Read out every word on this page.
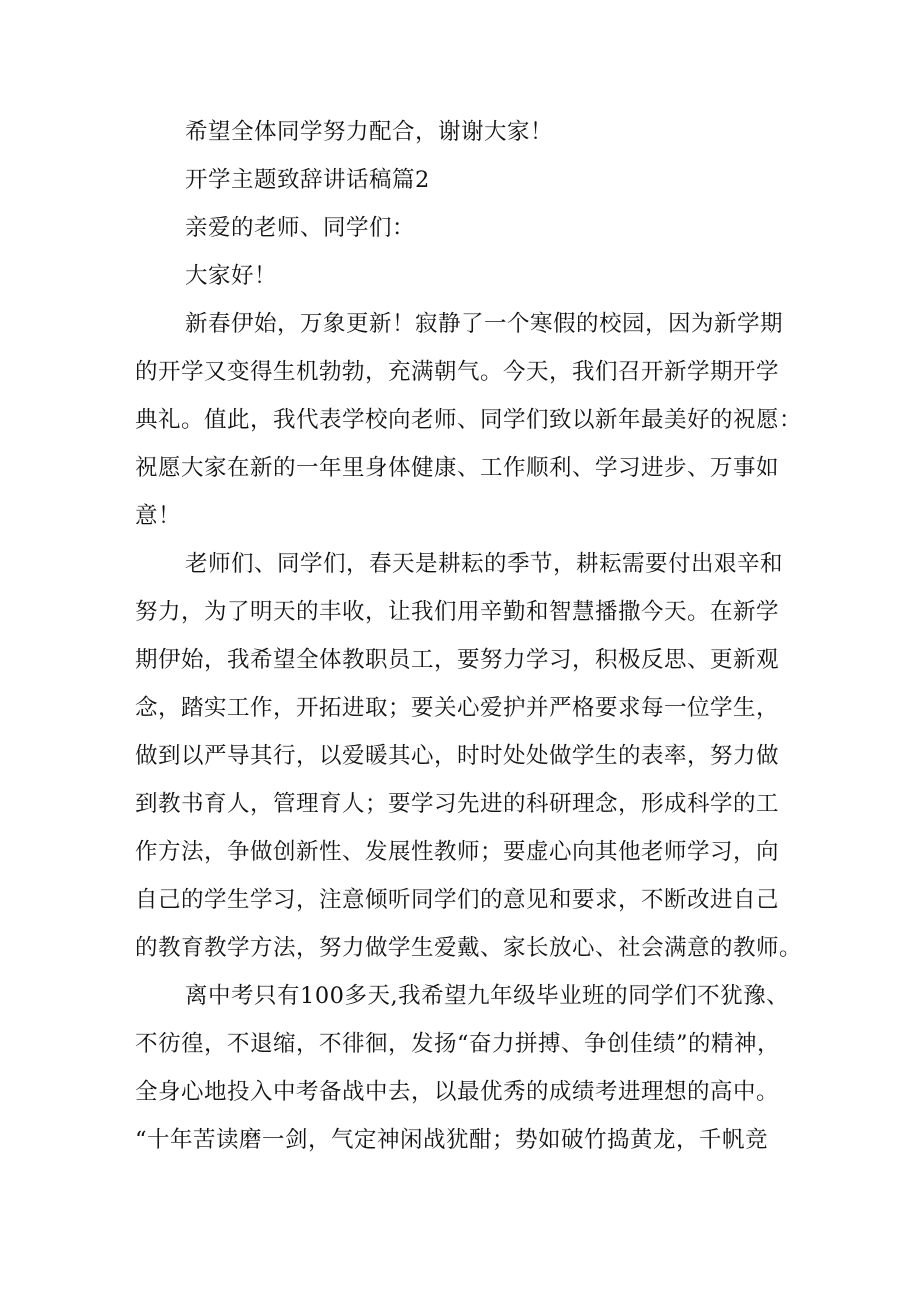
希望全体同学努力配合，谢谢大家！
开学主题致辞讲话稿篇2
亲爱的老师、同学们：
大家好！
新春伊始，万象更新！寂静了一个寒假的校园，因为新学期
的开学又变得生机勃勃，充满朝气。今天，我们召开新学期开学
典礼。值此，我代表学校向老师、同学们致以新年最美好的祝愿：
祝愿大家在新的一年里身体健康、工作顺利、学习进步、万事如
意！
老师们、同学们，春天是耕耘的季节，耕耘需要付出艰辛和
努力，为了明天的丰收，让我们用辛勤和智慧播撒今天。在新学
期伊始，我希望全体教职员工，要努力学习，积极反思、更新观
念，踏实工作，开拓进取；要关心爱护并严格要求每一位学生，
做到以严导其行，以爱暖其心，时时处处做学生的表率，努力做
到教书育人，管理育人；要学习先进的科研理念，形成科学的工
作方法，争做创新性、发展性教师；要虚心向其他老师学习，向
自己的学生学习，注意倾听同学们的意见和要求，不断改进自己
的教育教学方法，努力做学生爱戴、家长放心、社会满意的教师。
离中考只有100多天,我希望九年级毕业班的同学们不犹豫、
不彷徨，不退缩，不徘徊，发扬“奋力拼搏、争创佳绩”的精神，
全身心地投入中考备战中去，以最优秀的成绩考进理想的高中。
“十年苦读磨一剑，气定神闲战犹酣；势如破竹捣黄龙，千帆竞
